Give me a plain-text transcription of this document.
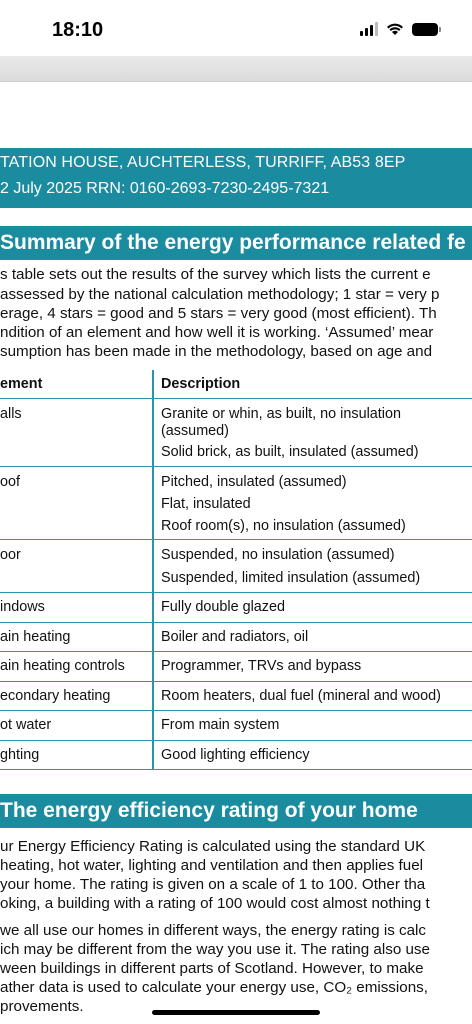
18:10
TATION HOUSE, AUCHTERLESS, TURRIFF, AB53 8EP
2 July 2025 RRN: 0160-2693-7230-2495-7321
Summary of the energy performance related fe
s table sets out the results of the survey which lists the current e
assessed by the national calculation methodology; 1 star = very p
erage, 4 stars = good and 5 stars = very good (most efficient). Th
ndition of an element and how well it is working. ‘Assumed’ mear
sumption has been made in the methodology, based on age and
ement	Description
alls	Granite or whin, as built, no insulation
(assumed)
Solid brick, as built, insulated (assumed)
oof	Pitched, insulated (assumed)
Flat, insulated
Roof room(s), no insulation (assumed)
oor	Suspended, no insulation (assumed)
Suspended, limited insulation (assumed)
indows	Fully double glazed
ain heating	Boiler and radiators, oil
ain heating controls	Programmer, TRVs and bypass
econdary heating	Room heaters, dual fuel (mineral and wood)
ot water	From main system
ghting	Good lighting efficiency
The energy efficiency rating of your home
ur Energy Efficiency Rating is calculated using the standard UK
heating, hot water, lighting and ventilation and then applies fuel
your home. The rating is given on a scale of 1 to 100. Other tha
oking, a building with a rating of 100 would cost almost nothing t
we all use our homes in different ways, the energy rating is calc
ich may be different from the way you use it. The rating also use
ween buildings in different parts of Scotland. However, to make
ather data is used to calculate your energy use, CO₂ emissions,
provements.
